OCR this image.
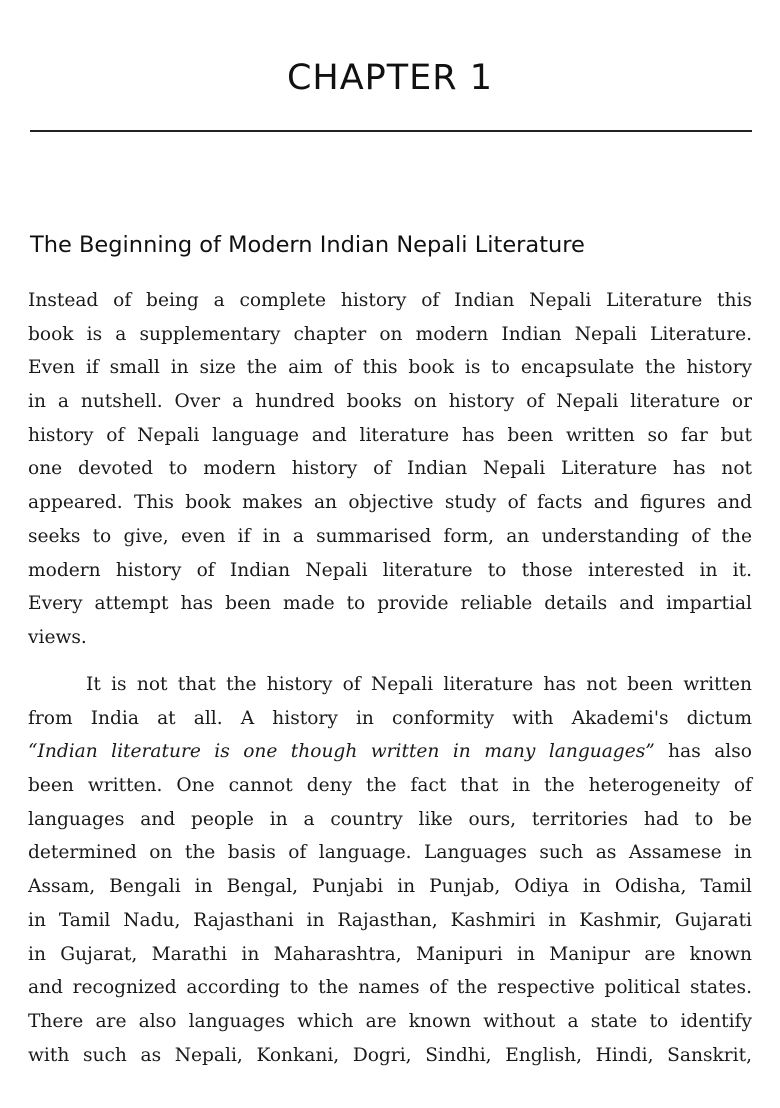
CHAPTER 1
The Beginning of Modern Indian Nepali Literature
Instead of being a complete history of Indian Nepali Literature this
book is a supplementary chapter on modern Indian Nepali Literature.
Even if small in size the aim of this book is to encapsulate the history
in a nutshell. Over a hundred books on history of Nepali literature or
history of Nepali language and literature has been written so far but
one devoted to modern history of Indian Nepali Literature has not
appeared. This book makes an objective study of facts and figures and
seeks to give, even if in a summarised form, an understanding of the
modern history of Indian Nepali literature to those interested in it.
Every attempt has been made to provide reliable details and impartial
views.
It is not that the history of Nepali literature has not been written
from India at all. A history in conformity with Akademi's dictum
“Indian literature is one though written in many languages” has also
been written. One cannot deny the fact that in the heterogeneity of
languages and people in a country like ours, territories had to be
determined on the basis of language. Languages such as Assamese in
Assam, Bengali in Bengal, Punjabi in Punjab, Odiya in Odisha, Tamil
in Tamil Nadu, Rajasthani in Rajasthan, Kashmiri in Kashmir, Gujarati
in Gujarat, Marathi in Maharashtra, Manipuri in Manipur are known
and recognized according to the names of the respective political states.
There are also languages which are known without a state to identify
with such as Nepali, Konkani, Dogri, Sindhi, English, Hindi, Sanskrit,
